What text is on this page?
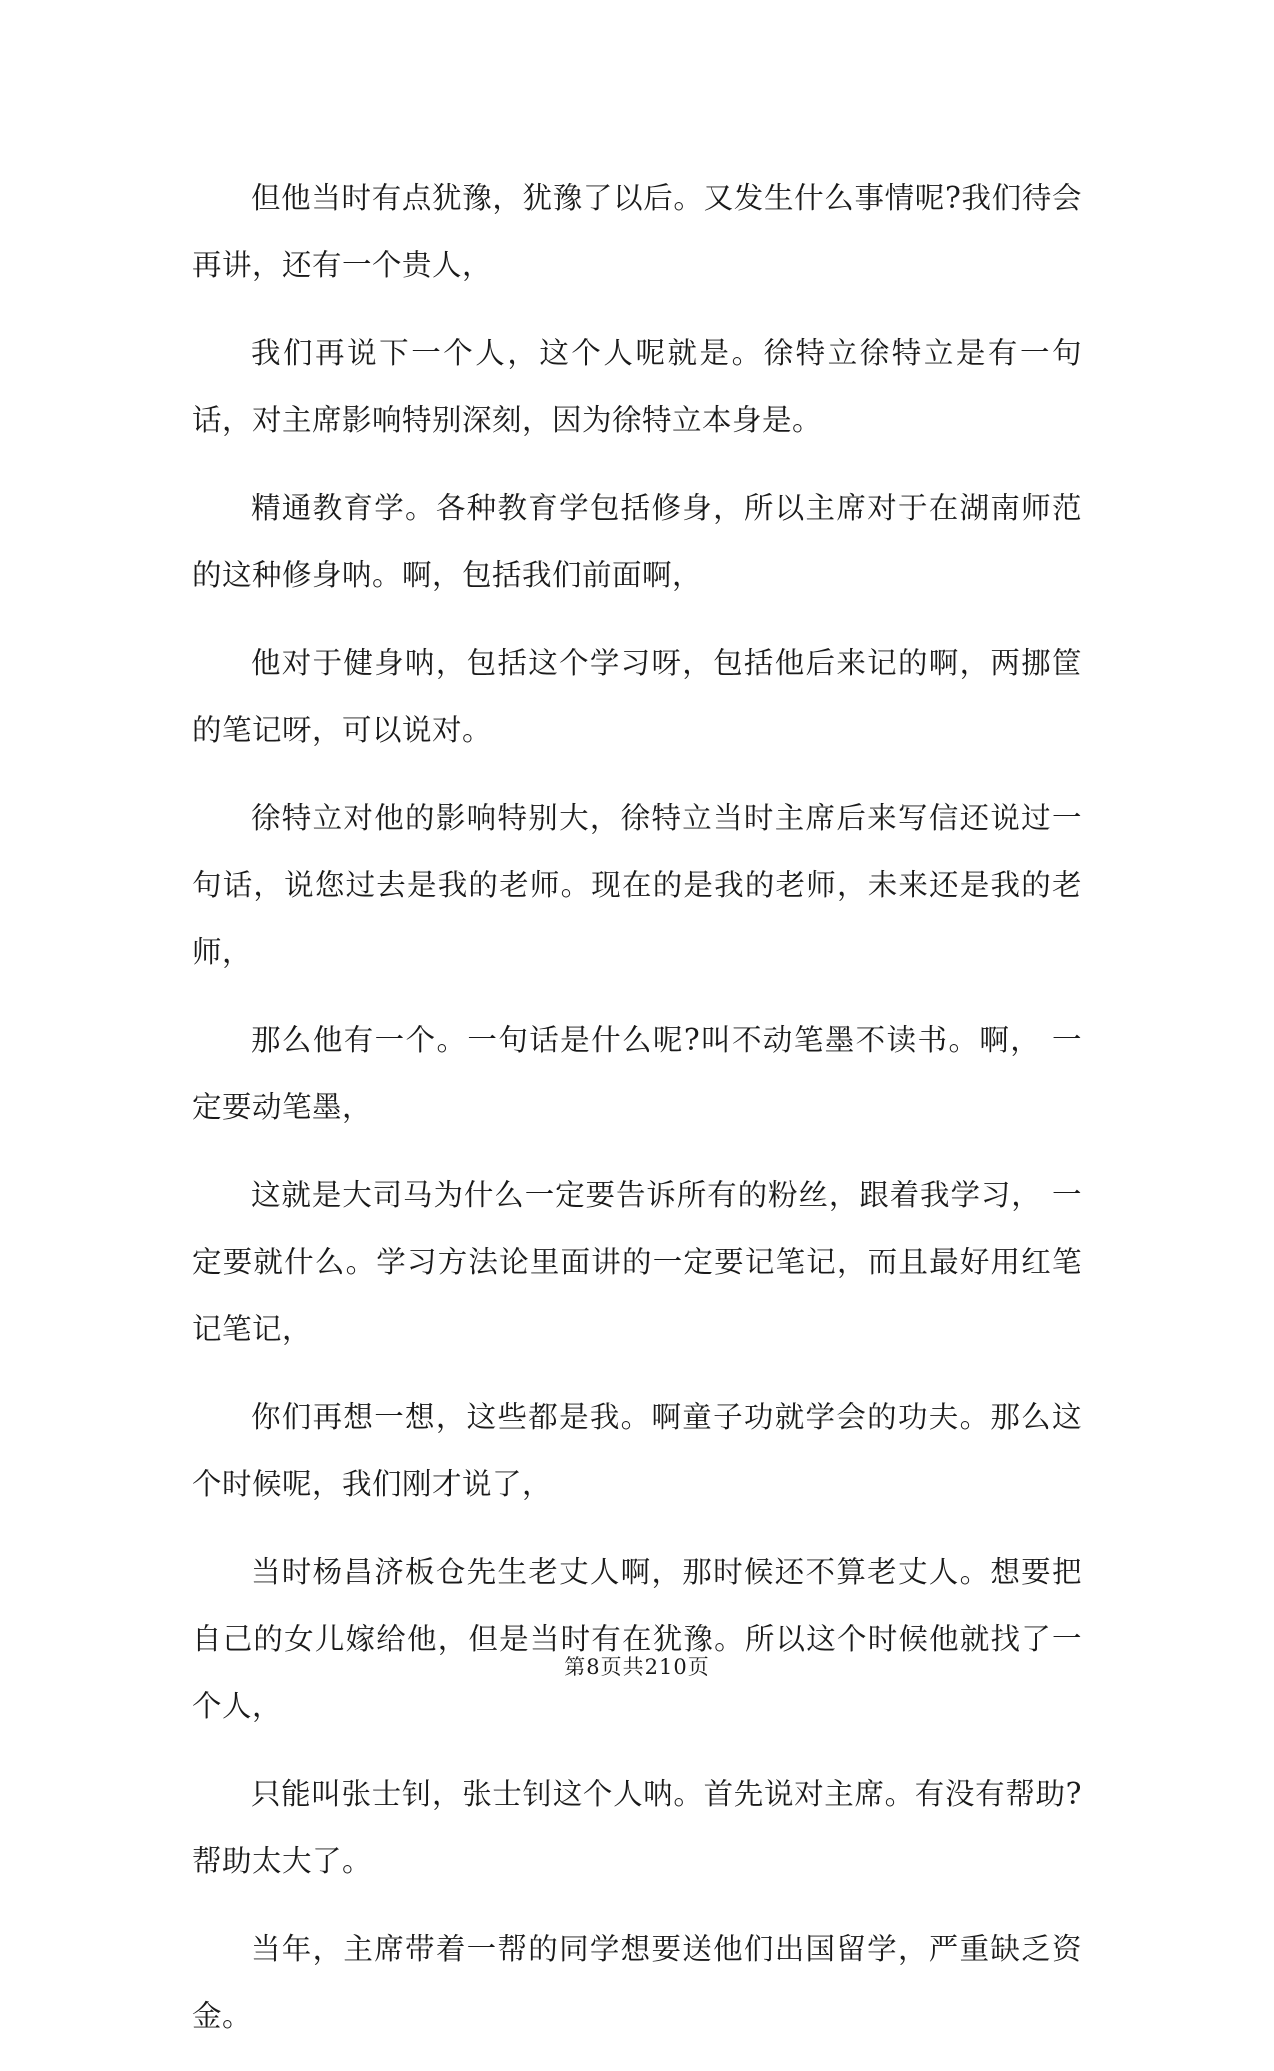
但他当时有点犹豫，犹豫了以后。又发生什么事情呢?我们待会再讲，还有一个贵人，

我们再说下一个人，这个人呢就是。徐特立徐特立是有一句话，对主席影响特别深刻，因为徐特立本身是。

精通教育学。各种教育学包括修身，所以主席对于在湖南师范的这种修身呐。啊，包括我们前面啊，

他对于健身呐，包括这个学习呀，包括他后来记的啊，两挪筐的笔记呀，可以说对。

徐特立对他的影响特别大，徐特立当时主席后来写信还说过一句话，说您过去是我的老师。现在的是我的老师，未来还是我的老师，

那么他有一个。一句话是什么呢?叫不动笔墨不读书。啊， 一定要动笔墨，

这就是大司马为什么一定要告诉所有的粉丝，跟着我学习， 一定要就什么。学习方法论里面讲的一定要记笔记，而且最好用红笔记笔记，

你们再想一想，这些都是我。啊童子功就学会的功夫。那么这个时候呢，我们刚才说了，

当时杨昌济板仓先生老丈人啊，那时候还不算老丈人。想要把自己的女儿嫁给他，但是当时有在犹豫。所以这个时候他就找了一个人，

只能叫张士钊，张士钊这个人呐。首先说对主席。有没有帮助?帮助太大了。

当年，主席带着一帮的同学想要送他们出国留学，严重缺乏资金。

第8页共210页
